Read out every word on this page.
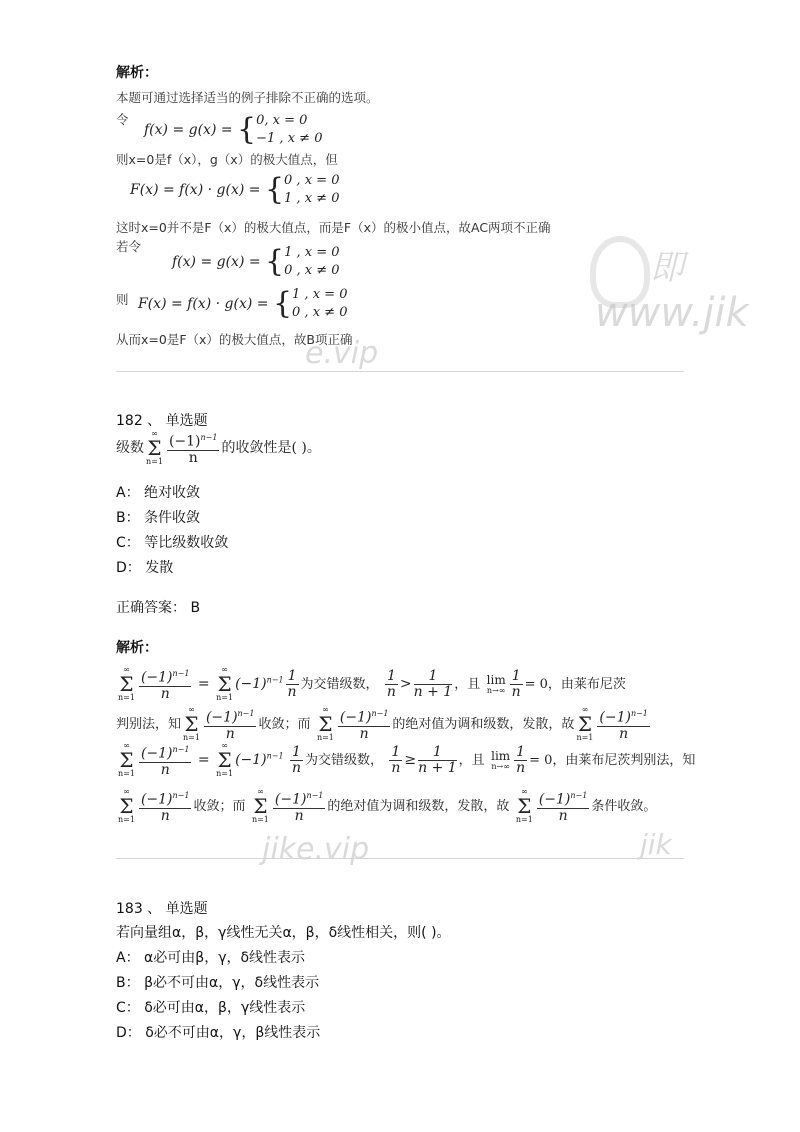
即
www.jik
e.vip
jike.vip	jik
解析：
本题可通过选择适当的例子排除不正确的选项。
令
f(x) = g(x) = { 0, x = 0
−1 , x ≠ 0
则x=0是f（x），g（x）的极大值点，但
F(x) = f(x) · g(x) = { 0 , x = 0
1 , x ≠ 0
这时x=0并不是F（x）的极大值点，而是F（x）的极小值点，故AC两项不正确
若令
f(x) = g(x) = { 1 , x = 0
0 , x ≠ 0
则 F(x) = f(x) · g(x) = { 1 , x = 0
0 , x ≠ 0
从而x=0是F（x）的极大值点，故B项正确
182 、 单选题
级数
∞
Σ
$n=1 \frac{(-1)^{n-1}}{n}$ 的收敛性是( )。
A： 绝对收敛
B： 条件收敛
C： 等比级数收敛
D： 发散
正确答案： B
解析：
∞
Σ
$n=1 \frac{(-1)^{n-1}}{n}$ =
∞
Σ
n=1
$(-1)^{n-1} \frac{1}{n}$ 为交错级数， $\frac{1}{n} > \frac{1}{n + 1}$ ，且 lim
$n\to\infty \frac{1}{n} = 0$，由莱布尼茨
判别法，知
∞
Σ
$n=1 \frac{(-1)^{n-1}}{n}$ 收敛；而
∞
Σ
$n=1 \frac{(-1)^{n-1}}{n}$ 的绝对值为调和级数，发散，故
∞
Σ
$n=1 \frac{(-1)^{n-1}}{n}$
∞
Σ
$n=1 \frac{(-1)^{n-1}}{n}$ =
∞
Σ
n=1
$(-1)^{n-1} \frac{1}{n}$ 为交错级数， $\frac{1}{n} \ge \frac{1}{n + 1}$ ，且 lim
$n\to\infty \frac{1}{n} = 0$，由莱布尼茨判别法，知
∞
Σ
$n=1 \frac{(-1)^{n-1}}{n}$ 收敛；而
∞
Σ
$n=1 \frac{(-1)^{n-1}}{n}$ 的绝对值为调和级数，发散，故
∞
Σ
$n=1 \frac{(-1)^{n-1}}{n}$ 条件收敛。
183 、 单选题
若向量组α，β，γ线性无关α，β，δ线性相关，则( )。
A： α必可由β，γ，δ线性表示
B： β必不可由α，γ，δ线性表示
C： δ必可由α，β，γ线性表示
D： δ必不可由α，γ，β线性表示
